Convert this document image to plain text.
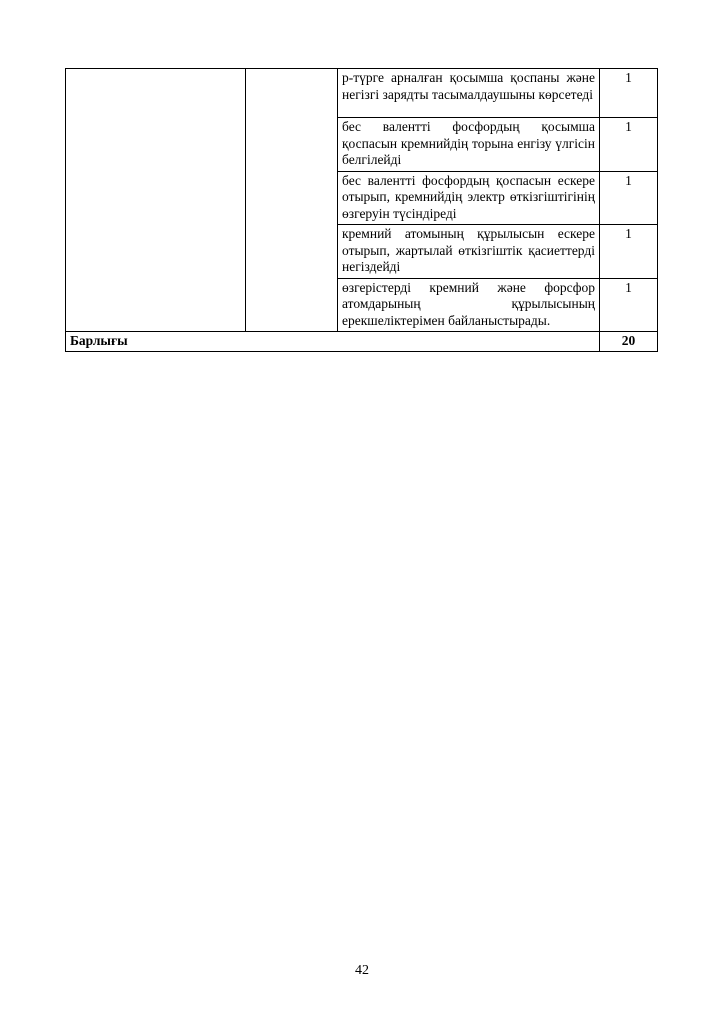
		р-түрге арналған қосымша қоспаны және негізгі зарядты тасымалдаушыны көрсетеді	1
		бес валентті фосфордың қосымша қоспасын кремнийдің торына енгізу үлгісін белгілейді	1
		бес валентті фосфордың қоспасын ескере отырып, кремнийдің электр өткізгіштігінің өзгеруін түсіндіреді	1
		кремний атомының құрылысын ескере отырып, жартылай өткізгіштік қасиеттерді негіздейді	1
		өзгерістерді кремний және форсфор атомдарының құрылысының ерекшеліктерімен байланыстырады.	1
Барлығы			20
42
